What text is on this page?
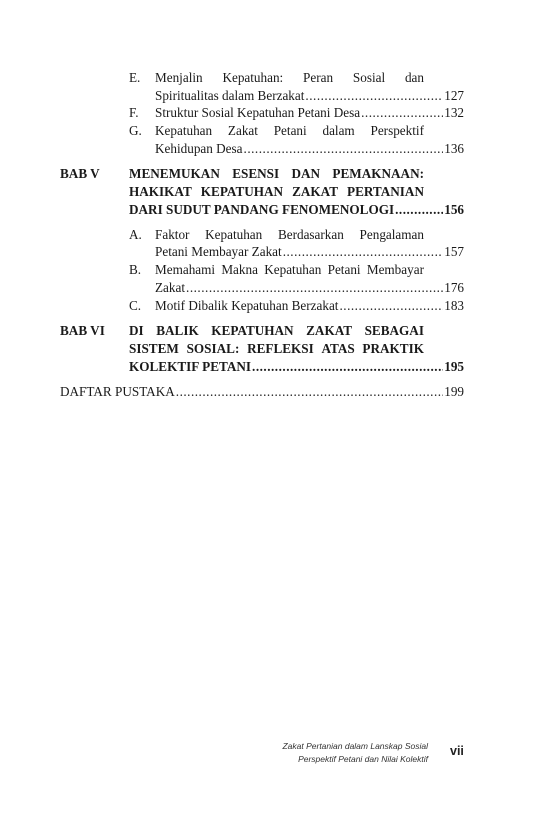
E. Menjalin Kepatuhan: Peran Sosial dan
Spiritualitas dalam Berzakat .....	127
F. Struktur Sosial Kepatuhan Petani Desa .....	132
G. Kepatuhan Zakat Petani dalam Perspektif
Kehidupan Desa .....	136
BAB V MENEMUKAN ESENSI DAN PEMAKNAAN:
HAKIKAT KEPATUHAN ZAKAT PERTANIAN
DARI SUDUT PANDANG FENOMENOLOGI .....	156
A. Faktor Kepatuhan Berdasarkan Pengalaman
Petani Membayar Zakat .....	157
B. Memahami Makna Kepatuhan Petani Membayar
Zakat .....	176
C. Motif Dibalik Kepatuhan Berzakat .....	183
BAB VI DI BALIK KEPATUHAN ZAKAT SEBAGAI
SISTEM SOSIAL: REFLEKSI ATAS PRAKTIK
KOLEKTIF PETANI .....	195
DAFTAR PUSTAKA .....	199
Zakat Pertanian dalam Lanskap Sosial
Perspektif Petani dan Nilai Kolektif
vii
